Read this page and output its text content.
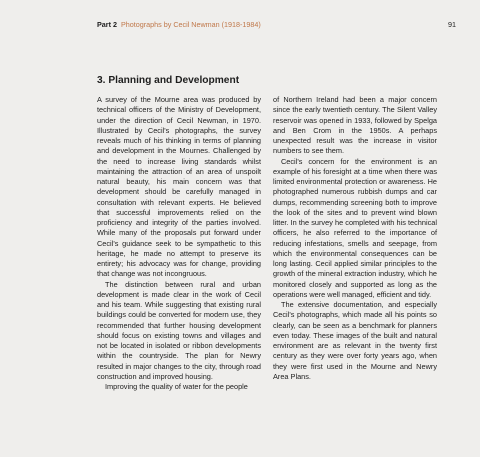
Part 2 Photographs by Cecil Newman (1918-1984)	91
3. Planning and Development

A survey of the Mourne area was produced by technical officers of the Ministry of Development, under the direction of Cecil Newman, in 1970. Illustrated by Cecil's photographs, the survey reveals much of his thinking in terms of planning and development in the Mournes. Challenged by the need to increase living standards whilst maintaining the attraction of an area of unspoilt natural beauty, his main concern was that development should be carefully managed in consultation with relevant experts. He believed that successful improvements relied on the proficiency and integrity of the parties involved. While many of the proposals put forward under Cecil's guidance seek to be sympathetic to this heritage, he made no attempt to preserve its entirety; his advocacy was for change, providing that change was not incongruous.

The distinction between rural and urban development is made clear in the work of Cecil and his team. While suggesting that existing rural buildings could be converted for modern use, they recommended that further housing development should focus on existing towns and villages and not be located in isolated or ribbon developments within the countryside. The plan for Newry resulted in major changes to the city, through road construction and improved housing.

Improving the quality of water for the people

of Northern Ireland had been a major concern since the early twentieth century. The Silent Valley reservoir was opened in 1933, followed by Spelga and Ben Crom in the 1950s. A perhaps unexpected result was the increase in visitor numbers to see them.

Cecil's concern for the environment is an example of his foresight at a time when there was limited environmental protection or awareness. He photographed numerous rubbish dumps and car dumps, recommending screening both to improve the look of the sites and to prevent wind blown litter. In the survey he completed with his technical officers, he also referred to the importance of reducing infestations, smells and seepage, from which the environmental consequences can be long lasting. Cecil applied similar principles to the growth of the mineral extraction industry, which he monitored closely and supported as long as the operations were well managed, efficient and tidy.

The extensive documentation, and especially Cecil's photographs, which made all his points so clearly, can be seen as a benchmark for planners even today. These images of the built and natural environment are as relevant in the twenty first century as they were over forty years ago, when they were first used in the Mourne and Newry Area Plans.
